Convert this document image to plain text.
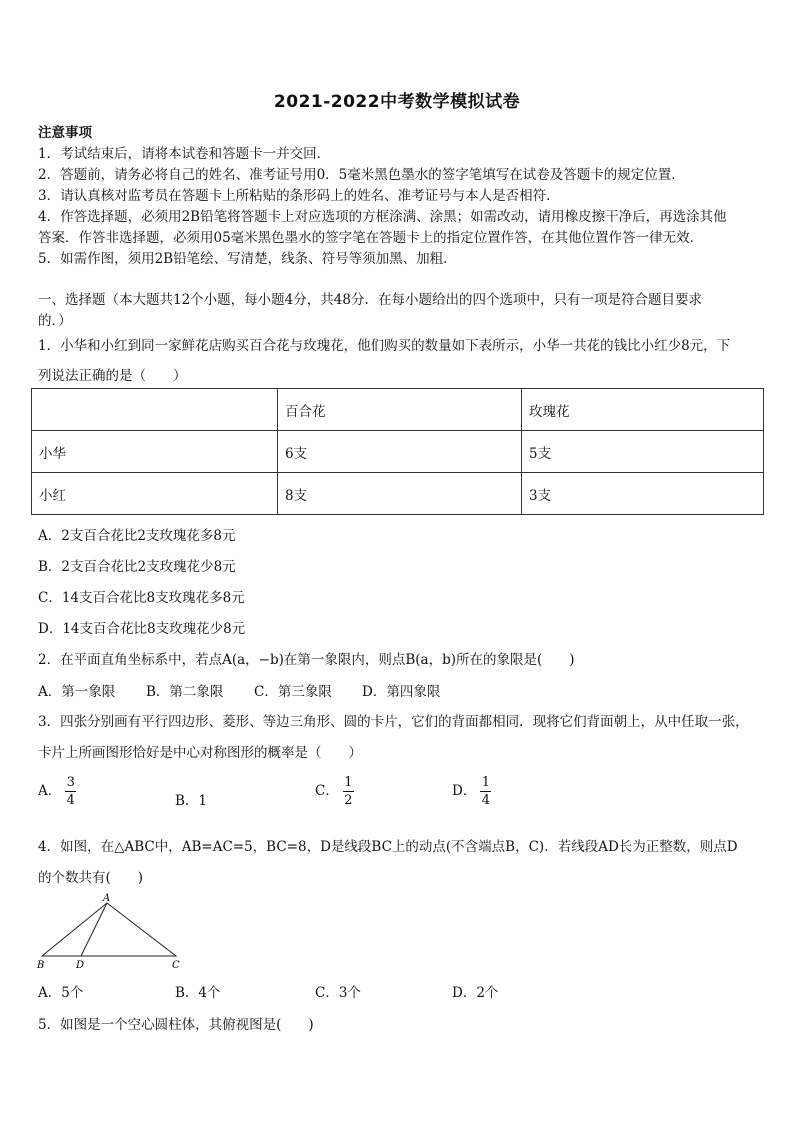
2021-2022中考数学模拟试卷
注意事项
1．考试结束后，请将本试卷和答题卡一并交回．
2．答题前，请务必将自己的姓名、准考证号用0．5毫米黑色墨水的签字笔填写在试卷及答题卡的规定位置．
3．请认真核对监考员在答题卡上所粘贴的条形码上的姓名、准考证号与本人是否相符．
4．作答选择题，必须用2B铅笔将答题卡上对应选项的方框涂满、涂黑；如需改动，请用橡皮擦干净后，再选涂其他
答案．作答非选择题，必须用05毫米黑色墨水的签字笔在答题卡上的指定位置作答，在其他位置作答一律无效．
5．如需作图，须用2B铅笔绘、写清楚，线条、符号等须加黑、加粗．
一、选择题（本大题共12个小题，每小题4分，共48分．在每小题给出的四个选项中，只有一项是符合题目要求
的．）
1．小华和小红到同一家鲜花店购买百合花与玫瑰花，他们购买的数量如下表所示，小华一共花的钱比小红少8元，下
列说法正确的是（　　）
	百合花	玫瑰花
小华	6支	5支
小红	8支	3支
A．2支百合花比2支玫瑰花多8元
B．2支百合花比2支玫瑰花少8元
C．14支百合花比8支玫瑰花多8元
D．14支百合花比8支玫瑰花少8元
2．在平面直角坐标系中，若点A(a，−b)在第一象限内，则点B(a，b)所在的象限是(　　)
A．第一象限 B．第二象限 C．第三象限 D．第四象限
3．四张分别画有平行四边形、菱形、等边三角形、圆的卡片，它们的背面都相同．现将它们背面朝上，从中任取一张，
卡片上所画图形恰好是中心对称图形的概率是（　　）
A． $\frac{3}{4}$	B．1
C． $\frac{1}{2}$	D． $\frac{1}{4}$
4．如图，在△ABC中，AB=AC=5，BC=8，D是线段BC上的动点(不含端点B，C)．若线段AD长为正整数，则点D
的个数共有(　　)
A
B	D	C
A．5个	B．4个	C．3个	D．2个
5．如图是一个空心圆柱体，其俯视图是(　　)
